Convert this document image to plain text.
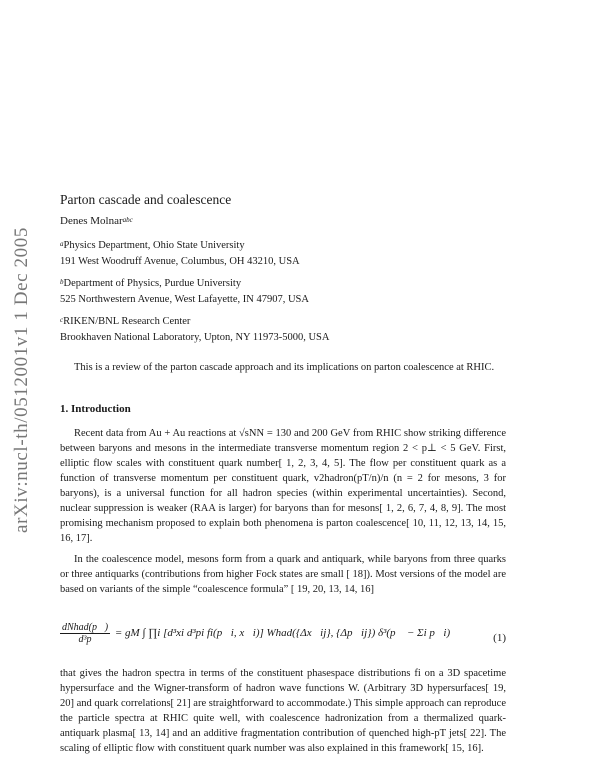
arXiv:nucl-th/0512001v1 1 Dec 2005
Parton cascade and coalescence
Denes Molnar$^{abc}$
$^a$Physics Department, Ohio State University
191 West Woodruff Avenue, Columbus, OH 43210, USA
$^b$Department of Physics, Purdue University
525 Northwestern Avenue, West Lafayette, IN 47907, USA
$^c$RIKEN/BNL Research Center
Brookhaven National Laboratory, Upton, NY 11973-5000, USA
This is a review of the parton cascade approach and its implications on parton coalescence at RHIC.
1. Introduction
Recent data from Au + Au reactions at √sNN = 130 and 200 GeV from RHIC show striking difference between baryons and mesons in the intermediate transverse momentum region 2 < p⊥ < 5 GeV. First, elliptic flow scales with constituent quark number[ 1, 2, 3, 4, 5]. The flow per constituent quark as a function of transverse momentum per constituent quark, v2hadron(pT/n)/n (n = 2 for mesons, 3 for baryons), is a universal function for all hadron species (within experimental uncertainties). Second, nuclear suppression is weaker (RAA is larger) for baryons than for mesons[ 1, 2, 6, 7, 4, 8, 9]. The most promising mechanism proposed to explain both phenomena is parton coalescence[ 10, 11, 12, 13, 14, 15, 16, 17].
In the coalescence model, mesons form from a quark and antiquark, while baryons from three quarks or three antiquarks (contributions from higher Fock states are small [ 18]). Most versions of the model are based on variants of the simple “coalescence formula” [ 19, 20, 13, 14, 16]
$\frac{\text{dNhad(p⃗)}}{\text{d³p}}$ = gM ∫ ∏i [d³xi d³pi fi(p⃗i, x⃗i)] Whad({Δx⃗ij}, {Δp⃗ij}) δ³(p⃗ − Σi p⃗i)	(1)
that gives the hadron spectra in terms of the constituent phasespace distributions fi on a 3D spacetime hypersurface and the Wigner-transform of hadron wave functions W. (Arbitrary 3D hypersurfaces[ 19, 20] and quark correlations[ 21] are straightforward to accommodate.) This simple approach can reproduce the particle spectra at RHIC quite well, with coalescence hadronization from a thermalized quark-antiquark plasma[ 13, 14] and an additive fragmentation contribution of quenched high-pT jets[ 22]. The scaling of elliptic flow with constituent quark number was also explained in this framework[ 15, 16].
